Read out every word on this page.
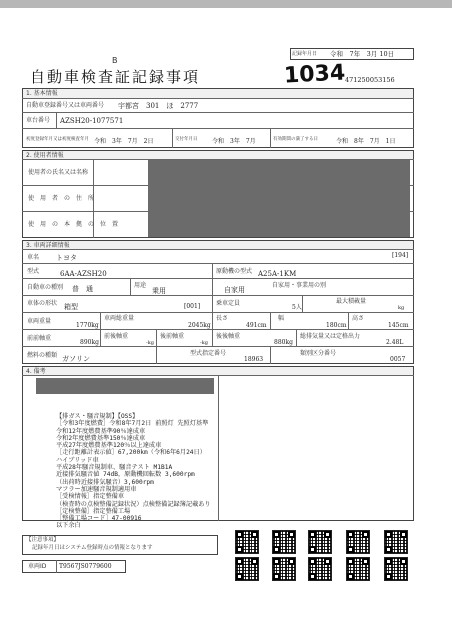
B
自動車検査証記録事項	1034
記録年月日 令和　7年　3月 10日
471250053156
1. 基本情報
自動車登録番号又は車両番号 宇都宮　301　ほ　2777
車台番号 AZSH20-1077571
初度登録年月又は初度検査年月 令和　3年　7月　2日	交付年月日 令和　3年　7月	有効期間の満了する日	令和　8年　7月　1日
2. 使用者情報
使用者の氏名又は名称
使　用　者　の　住　所
使　用　の　本　拠　の　位　置
3. 車両詳細情報
車名 トヨタ	[194]
型式	6AA-AZSH20	原動機の型式 A25A-1KM
自動車の種別 普　通	用途
乗用
自家用・事業用の別
自家用
車体の形状 箱型	[001]	乗車定員
5人
最大積載量
kg
車両重量
1770kg
車両総重量
2045kg
長さ
491cm
幅
180cm
高さ
145cm
前前軸重
890kg
前後軸重
-kg
後前軸重
-kg
後後軸重
880kg
総排気量又は定格出力
2.48L
燃料の種類 ガソリン
型式指定番号
18963
類別区分番号
0057
4. 備考
【排ガス・騒音規制】【OSS】
［令和3年度燃費］令和8年7月2日 前照灯 先照灯基準
令和12年度燃費基準90％達成車
令和2年度燃費基準150％達成車
平成27年度燃費基準120％以上達成車
［走行距離計表示値］67,200km（令和6年6月24日）
ハイブリッド車
平成28年騒音規制車、騒音テスト M1B1A
近接排気騒音値 74dB，原動機回転数 3,600rpm
（出荷時近接排気騒音）3,600rpm
マフラー加速騒音規制適用車
［受検情報］指定整備車
（検査時の点検整備記録状況）点検整備記録簿記載あり
［定検整備］指定整備工場
［整備工場コード］47-00916
以下余白
【注意事項】
記録年月日はシステム登録時点の情報となります
車両ID T9567JS0779600
